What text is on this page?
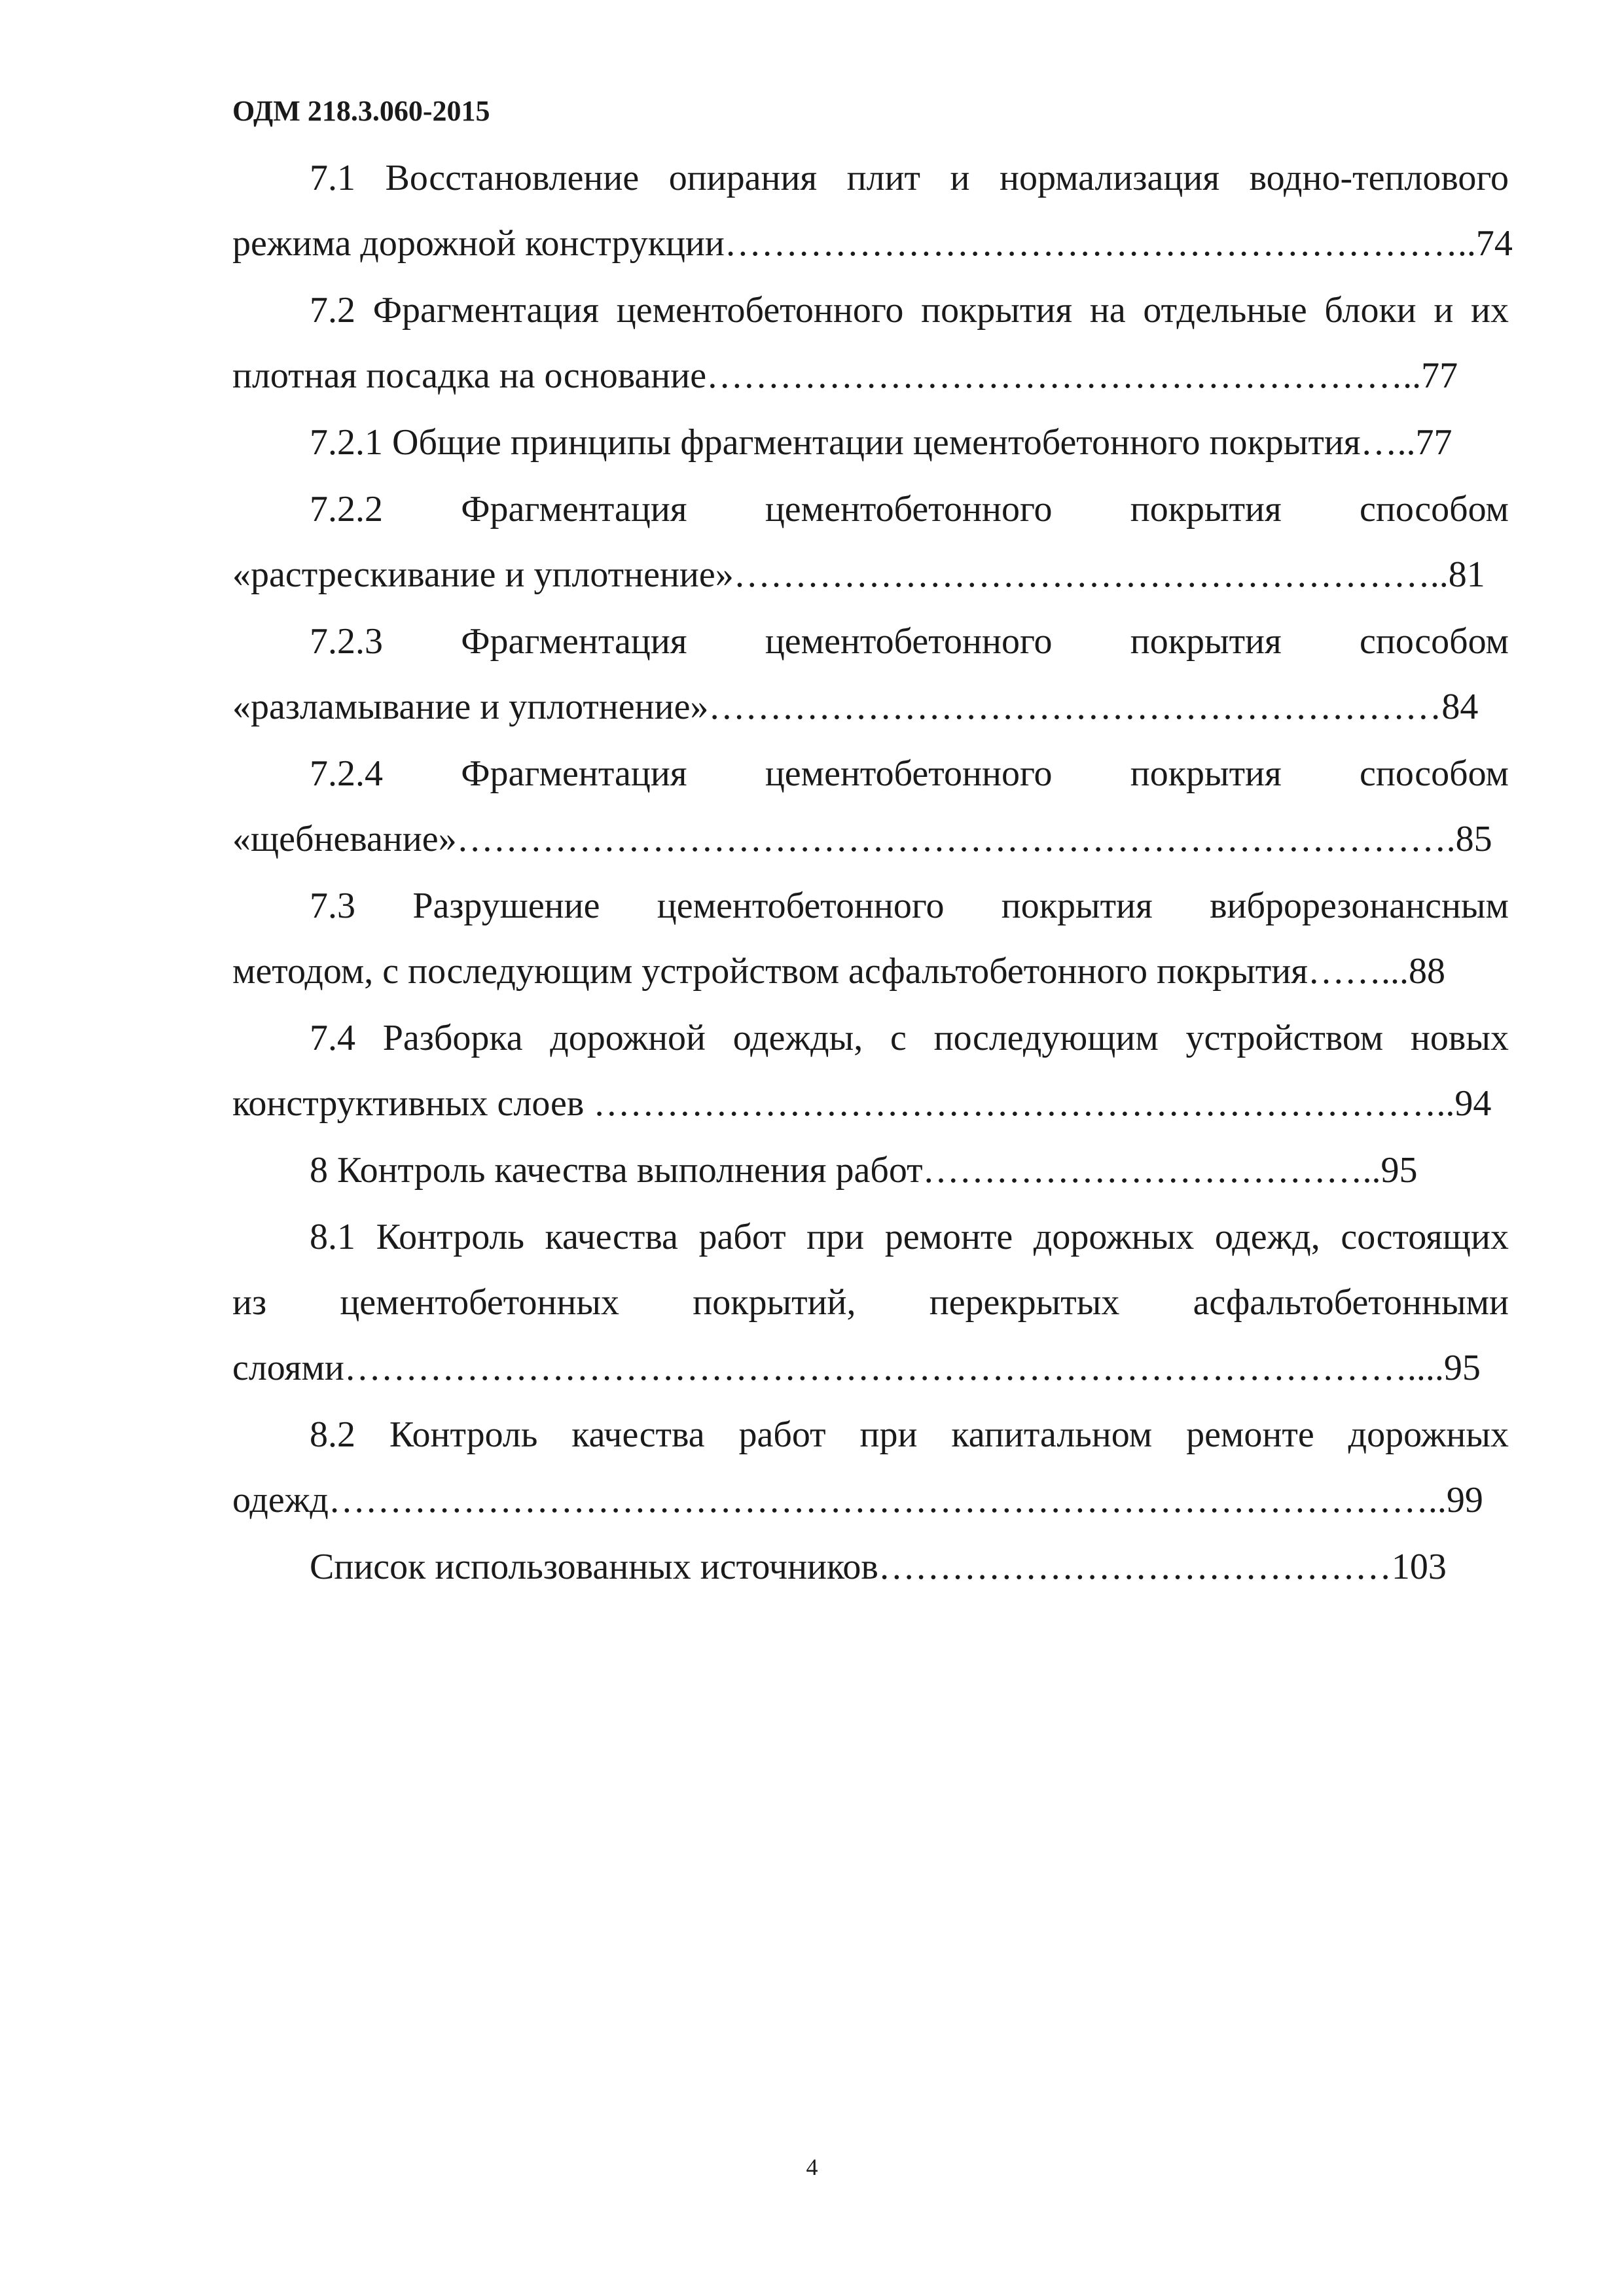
ОДМ 218.3.060-2015
7.1 Восстановление опирания плит и нормализация водно-теплового
режима дорожной конструкции……………………………………………………..74
7.2 Фрагментация цементобетонного покрытия на отдельные блоки и их
плотная посадка на основание…………………………………………………..77
7.2.1 Общие принципы фрагментации цементобетонного покрытия…..77
7.2.2 Фрагментация цементобетонного покрытия способом
«растрескивание и уплотнение»…………………………………………………..81
7.2.3 Фрагментация цементобетонного покрытия способом
«разламывание и уплотнение»……………………………………………………84
7.2.4 Фрагментация цементобетонного покрытия способом
«щебневание»……………………………………………………………………….85
7.3 Разрушение цементобетонного покрытия виброрезонансным
методом, с последующим устройством асфальтобетонного покрытия……...88
7.4 Разборка дорожной одежды, с последующим устройством новых
конструктивных слоев ……………………………………………………………..94
8 Контроль качества выполнения работ………………………………..95
8.1 Контроль качества работ при ремонте дорожных одежд, состоящих
из цементобетонных покрытий, перекрытых асфальтобетонными
слоями……………………………………………………………………………....95
8.2 Контроль качества работ при капитальном ремонте дорожных
одежд………………………………………………………………………………..99
Список использованных источников……………………………………103
4
